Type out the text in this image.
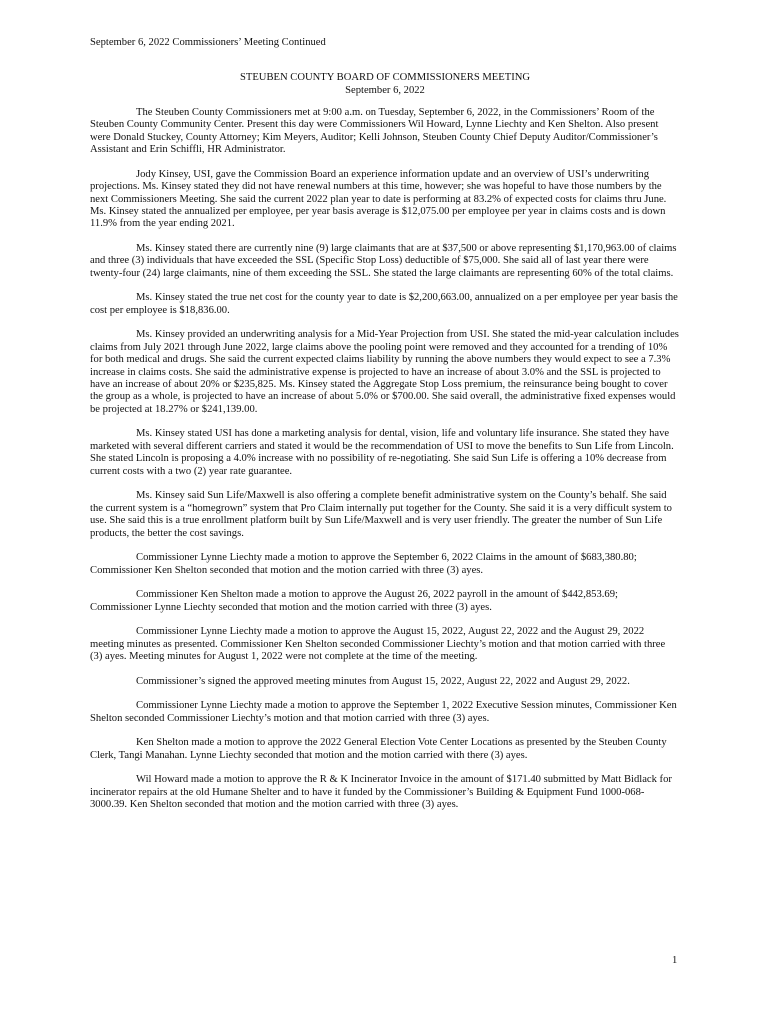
September 6, 2022 Commissioners’ Meeting Continued
STEUBEN COUNTY BOARD OF COMMISSIONERS MEETING
September 6, 2022

The Steuben County Commissioners met at 9:00 a.m. on Tuesday, September 6, 2022, in the Commissioners’ Room of the Steuben County Community Center. Present this day were Commissioners Wil Howard, Lynne Liechty and Ken Shelton. Also present were Donald Stuckey, County Attorney; Kim Meyers, Auditor; Kelli Johnson, Steuben County Chief Deputy Auditor/Commissioner’s Assistant and Erin Schiffli, HR Administrator.

Jody Kinsey, USI, gave the Commission Board an experience information update and an overview of USI’s underwriting projections. Ms. Kinsey stated they did not have renewal numbers at this time, however; she was hopeful to have those numbers by the next Commissioners Meeting. She said the current 2022 plan year to date is performing at 83.2% of expected costs for claims thru June. Ms. Kinsey stated the annualized per employee, per year basis average is $12,075.00 per employee per year in claims costs and is down 11.9% from the year ending 2021.

Ms. Kinsey stated there are currently nine (9) large claimants that are at $37,500 or above representing $1,170,963.00 of claims and three (3) individuals that have exceeded the SSL (Specific Stop Loss) deductible of $75,000. She said all of last year there were twenty-four (24) large claimants, nine of them exceeding the SSL. She stated the large claimants are representing 60% of the total claims.

Ms. Kinsey stated the true net cost for the county year to date is $2,200,663.00, annualized on a per employee per year basis the cost per employee is $18,836.00.

Ms. Kinsey provided an underwriting analysis for a Mid-Year Projection from USI. She stated the mid-year calculation includes claims from July 2021 through June 2022, large claims above the pooling point were removed and they accounted for a trending of 10% for both medical and drugs. She said the current expected claims liability by running the above numbers they would expect to see a 7.3% increase in claims costs. She said the administrative expense is projected to have an increase of about 3.0% and the SSL is projected to have an increase of about 20% or $235,825. Ms. Kinsey stated the Aggregate Stop Loss premium, the reinsurance being bought to cover the group as a whole, is projected to have an increase of about 5.0% or $700.00. She said overall, the administrative fixed expenses would be projected at 18.27% or $241,139.00.

Ms. Kinsey stated USI has done a marketing analysis for dental, vision, life and voluntary life insurance. She stated they have marketed with several different carriers and stated it would be the recommendation of USI to move the benefits to Sun Life from Lincoln. She stated Lincoln is proposing a 4.0% increase with no possibility of re-negotiating. She said Sun Life is offering a 10% decrease from current costs with a two (2) year rate guarantee.

Ms. Kinsey said Sun Life/Maxwell is also offering a complete benefit administrative system on the County’s behalf. She said the current system is a “homegrown” system that Pro Claim internally put together for the County. She said it is a very difficult system to use. She said this is a true enrollment platform built by Sun Life/Maxwell and is very user friendly. The greater the number of Sun Life products, the better the cost savings.

Commissioner Lynne Liechty made a motion to approve the September 6, 2022 Claims in the amount of $683,380.80; Commissioner Ken Shelton seconded that motion and the motion carried with three (3) ayes.

Commissioner Ken Shelton made a motion to approve the August 26, 2022 payroll in the amount of $442,853.69; Commissioner Lynne Liechty seconded that motion and the motion carried with three (3) ayes.

Commissioner Lynne Liechty made a motion to approve the August 15, 2022, August 22, 2022 and the August 29, 2022 meeting minutes as presented. Commissioner Ken Shelton seconded Commissioner Liechty’s motion and that motion carried with three (3) ayes. Meeting minutes for August 1, 2022 were not complete at the time of the meeting.

Commissioner’s signed the approved meeting minutes from August 15, 2022, August 22, 2022 and August 29, 2022.

Commissioner Lynne Liechty made a motion to approve the September 1, 2022 Executive Session minutes, Commissioner Ken Shelton seconded Commissioner Liechty’s motion and that motion carried with three (3) ayes.

Ken Shelton made a motion to approve the 2022 General Election Vote Center Locations as presented by the Steuben County Clerk, Tangi Manahan. Lynne Liechty seconded that motion and the motion carried with there (3) ayes.

Wil Howard made a motion to approve the R & K Incinerator Invoice in the amount of $171.40 submitted by Matt Bidlack for incinerator repairs at the old Humane Shelter and to have it funded by the Commissioner’s Building & Equipment Fund 1000-068-3000.39. Ken Shelton seconded that motion and the motion carried with three (3) ayes.

1
